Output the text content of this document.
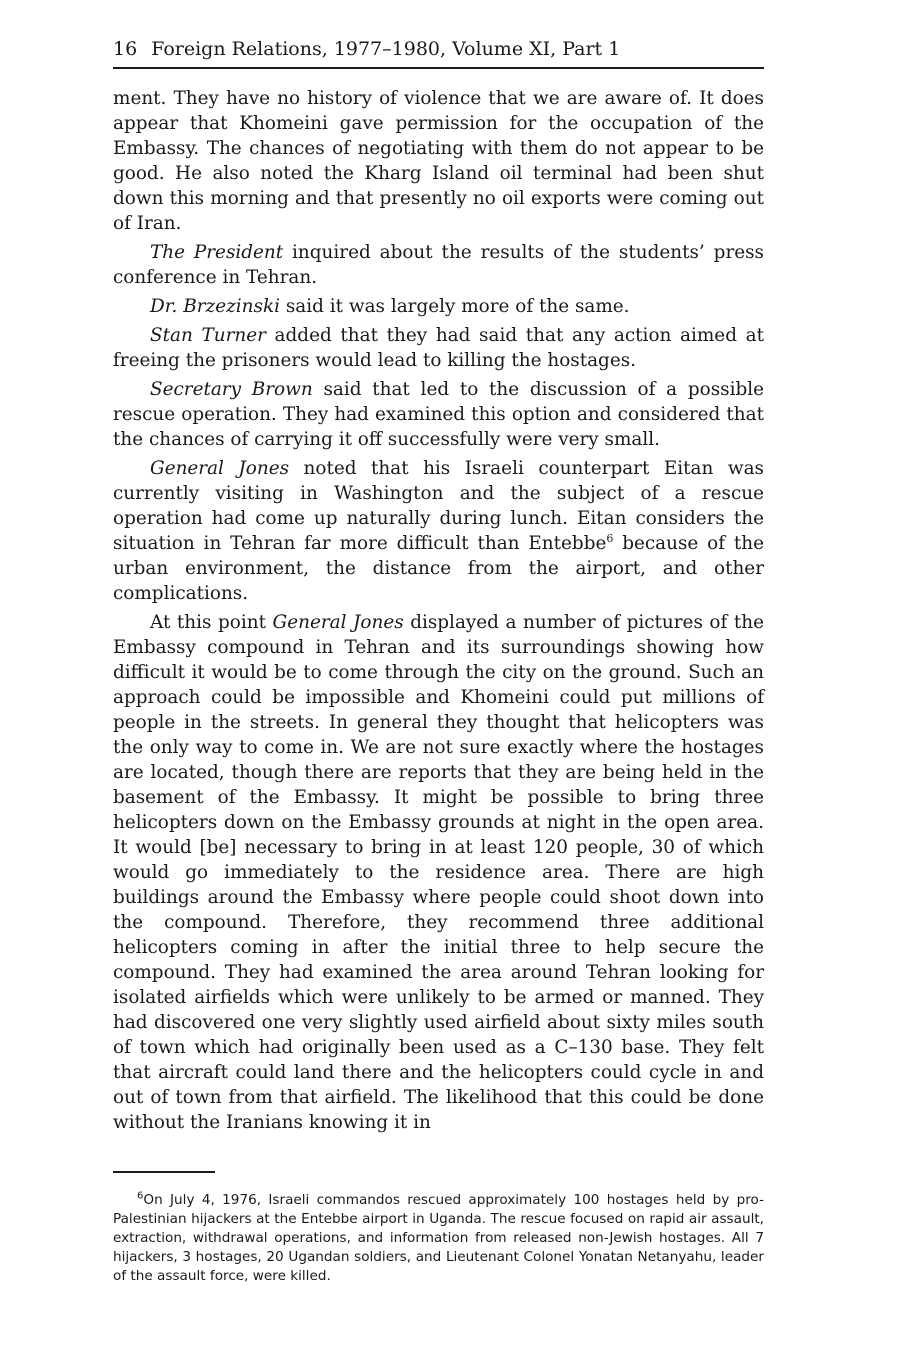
16 Foreign Relations, 1977–1980, Volume XI, Part 1

ment. They have no history of violence that we are aware of. It does appear that Khomeini gave permission for the occupation of the Embassy. The chances of negotiating with them do not appear to be good. He also noted the Kharg Island oil terminal had been shut down this morning and that presently no oil exports were coming out of Iran.

The President inquired about the results of the students’ press conference in Tehran.

Dr. Brzezinski said it was largely more of the same.

Stan Turner added that they had said that any action aimed at freeing the prisoners would lead to killing the hostages.

Secretary Brown said that led to the discussion of a possible rescue operation. They had examined this option and considered that the chances of carrying it off successfully were very small.

General Jones noted that his Israeli counterpart Eitan was currently visiting in Washington and the subject of a rescue operation had come up naturally during lunch. Eitan considers the situation in Tehran far more difficult than Entebbe$^6$ because of the urban environment, the distance from the airport, and other complications.

At this point General Jones displayed a number of pictures of the Embassy compound in Tehran and its surroundings showing how difficult it would be to come through the city on the ground. Such an approach could be impossible and Khomeini could put millions of people in the streets. In general they thought that helicopters was the only way to come in. We are not sure exactly where the hostages are located, though there are reports that they are being held in the basement of the Embassy. It might be possible to bring three helicopters down on the Embassy grounds at night in the open area. It would [be] necessary to bring in at least 120 people, 30 of which would go immediately to the residence area. There are high buildings around the Embassy where people could shoot down into the compound. Therefore, they recommend three additional helicopters coming in after the initial three to help secure the compound. They had examined the area around Tehran looking for isolated airfields which were unlikely to be armed or manned. They had discovered one very slightly used airfield about sixty miles south of town which had originally been used as a C–130 base. They felt that aircraft could land there and the helicopters could cycle in and out of town from that airfield. The likelihood that this could be done without the Iranians knowing it in

$^6$On July 4, 1976, Israeli commandos rescued approximately 100 hostages held by pro-Palestinian hijackers at the Entebbe airport in Uganda. The rescue focused on rapid air assault, extraction, withdrawal operations, and information from released non-Jewish hostages. All 7 hijackers, 3 hostages, 20 Ugandan soldiers, and Lieutenant Colonel Yonatan Netanyahu, leader of the assault force, were killed.
